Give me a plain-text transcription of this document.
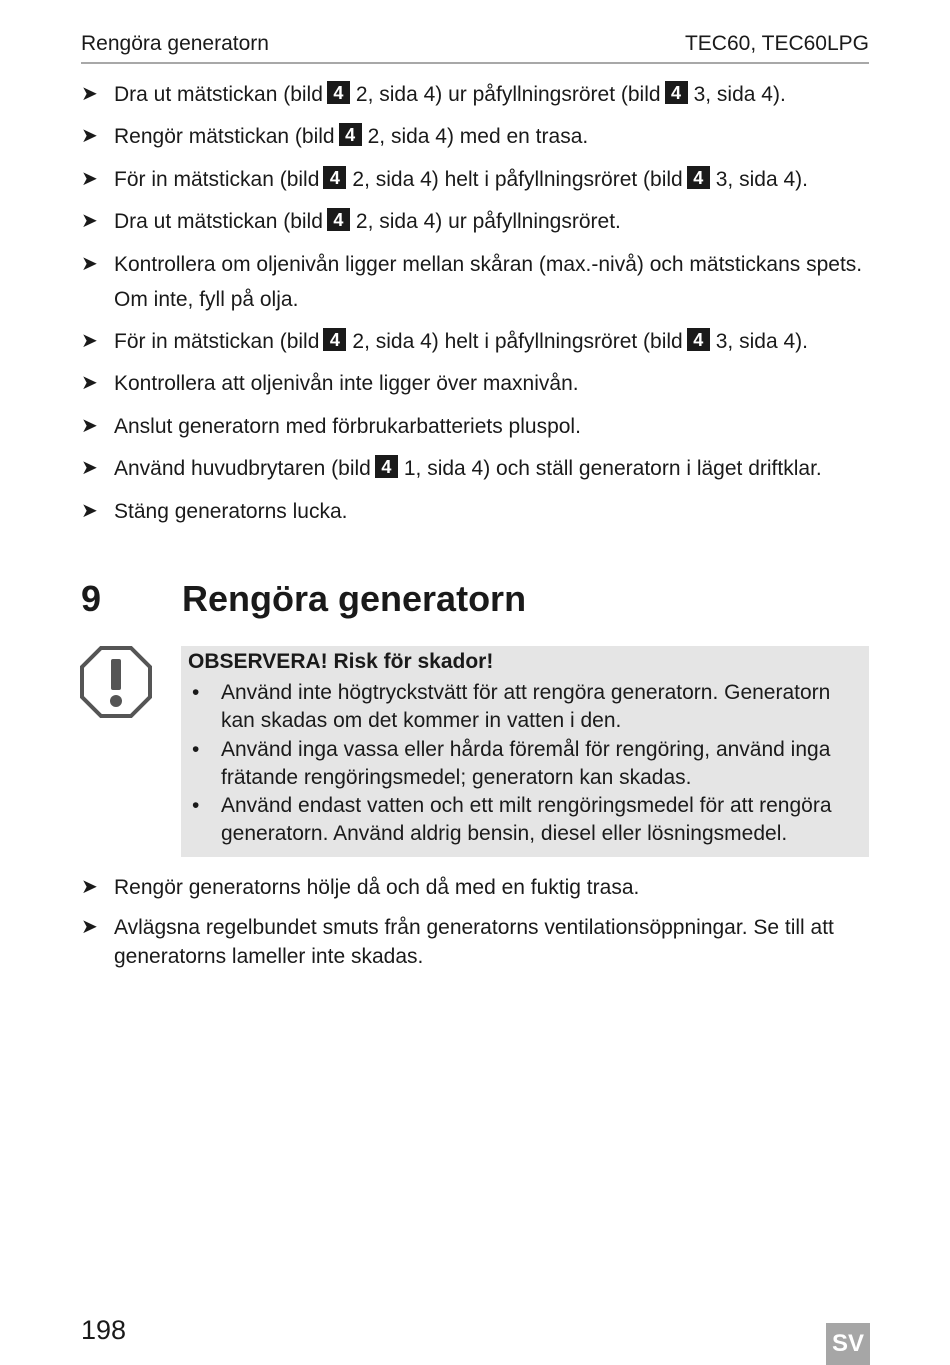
Rengöra generatorn	TEC60, TEC60LPG
➤ Dra ut mätstickan (bild 4 2, sida 4) ur påfyllningsröret (bild 4 3, sida 4).
➤ Rengör mätstickan (bild 4 2, sida 4) med en trasa.
➤ För in mätstickan (bild 4 2, sida 4) helt i påfyllningsröret (bild 4 3, sida 4).
➤ Dra ut mätstickan (bild 4 2, sida 4) ur påfyllningsröret.
➤ Kontrollera om oljenivån ligger mellan skåran (max.-nivå) och mätstickans spets.
Om inte, fyll på olja.
➤ För in mätstickan (bild 4 2, sida 4) helt i påfyllningsröret (bild 4 3, sida 4).
➤ Kontrollera att oljenivån inte ligger över maxnivån.
➤ Anslut generatorn med förbrukarbatteriets pluspol.
➤ Använd huvudbrytaren (bild 4 1, sida 4) och ställ generatorn i läget driftklar.
➤ Stäng generatorns lucka.
9 Rengöra generatorn
OBSERVERA! Risk för skador!
• Använd inte högtryckstvätt för att rengöra generatorn. Generatorn
kan skadas om det kommer in vatten i den.
• Använd inga vassa eller hårda föremål för rengöring, använd inga
frätande rengöringsmedel; generatorn kan skadas.
• Använd endast vatten och ett milt rengöringsmedel för att rengöra
generatorn. Använd aldrig bensin, diesel eller lösningsmedel.
➤ Rengör generatorns hölje då och då med en fuktig trasa.
➤ Avlägsna regelbundet smuts från generatorns ventilationsöppningar. Se till att
generatorns lameller inte skadas.
198	SV
